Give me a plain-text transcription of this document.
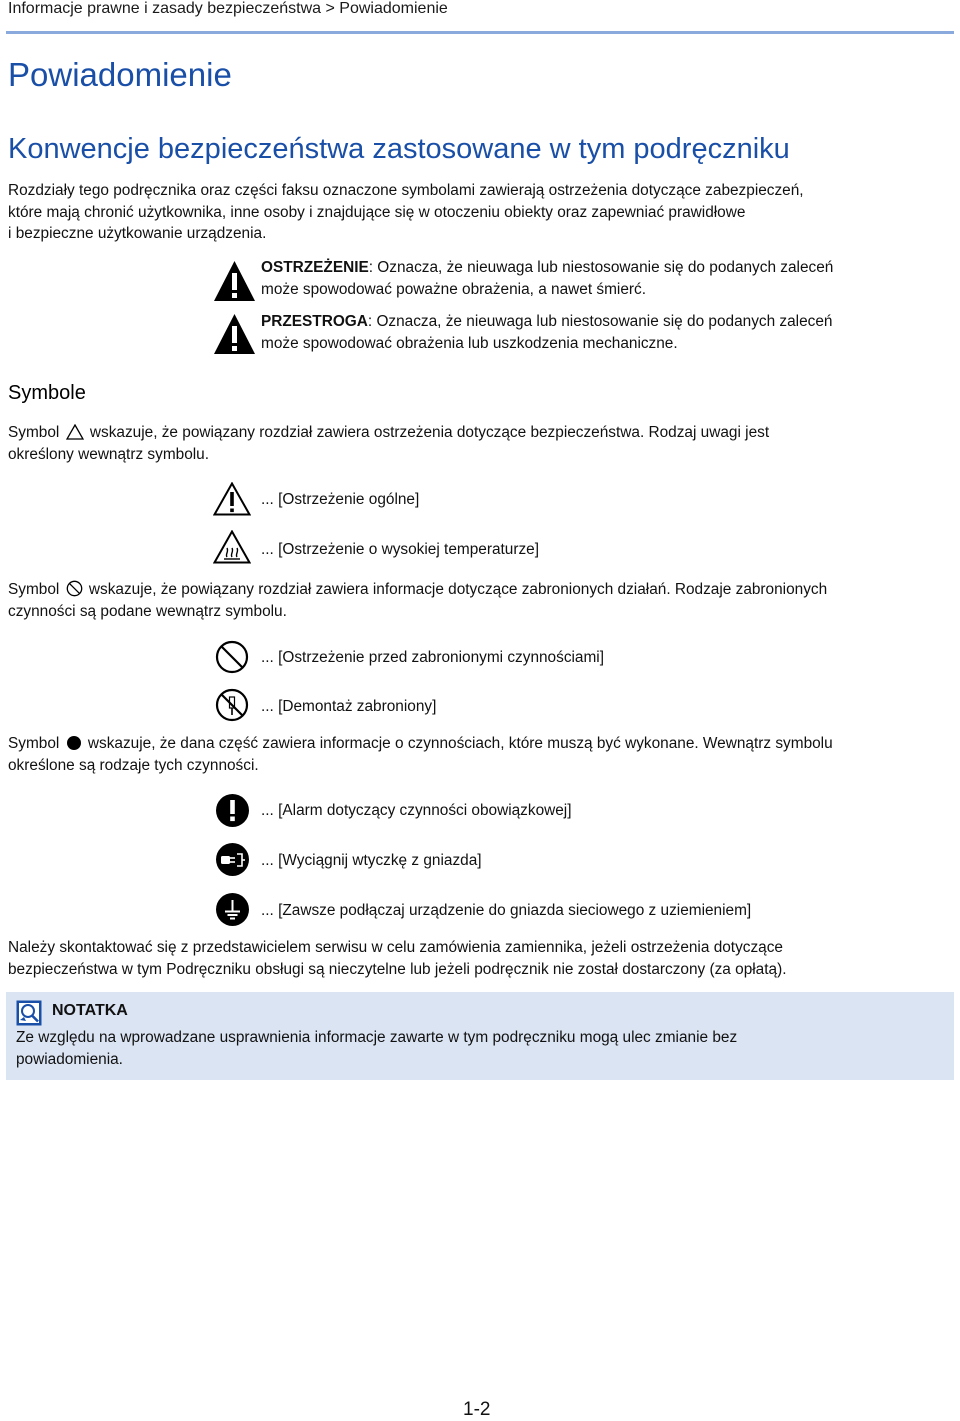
Informacje prawne i zasady bezpieczeństwa > Powiadomienie
Powiadomienie
Konwencje bezpieczeństwa zastosowane w tym podręczniku
Rozdziały tego podręcznika oraz części faksu oznaczone symbolami zawierają ostrzeżenia dotyczące zabezpieczeń,
które mają chronić użytkownika, inne osoby i znajdujące się w otoczeniu obiekty oraz zapewniać prawidłowe
i bezpieczne użytkowanie urządzenia.
OSTRZEŻENIE: Oznacza, że nieuwaga lub niestosowanie się do podanych zaleceń
może spowodować poważne obrażenia, a nawet śmierć.
PRZESTROGA: Oznacza, że nieuwaga lub niestosowanie się do podanych zaleceń
może spowodować obrażenia lub uszkodzenia mechaniczne.
Symbole
Symbol wskazuje, że powiązany rozdział zawiera ostrzeżenia dotyczące bezpieczeństwa. Rodzaj uwagi jest
określony wewnątrz symbolu.
... [Ostrzeżenie ogólne]
... [Ostrzeżenie o wysokiej temperaturze]
Symbol wskazuje, że powiązany rozdział zawiera informacje dotyczące zabronionych działań. Rodzaje zabronionych
czynności są podane wewnątrz symbolu.
... [Ostrzeżenie przed zabronionymi czynnościami]
... [Demontaż zabroniony]
Symbol wskazuje, że dana część zawiera informacje o czynnościach, które muszą być wykonane. Wewnątrz symbolu
określone są rodzaje tych czynności.
... [Alarm dotyczący czynności obowiązkowej]
... [Wyciągnij wtyczkę z gniazda]
... [Zawsze podłączaj urządzenie do gniazda sieciowego z uziemieniem]
Należy skontaktować się z przedstawicielem serwisu w celu zamówienia zamiennika, jeżeli ostrzeżenia dotyczące
bezpieczeństwa w tym Podręczniku obsługi są nieczytelne lub jeżeli podręcznik nie został dostarczony (za opłatą).
NOTATKA
Ze względu na wprowadzane usprawnienia informacje zawarte w tym podręczniku mogą ulec zmianie bez
powiadomienia.
1-2
